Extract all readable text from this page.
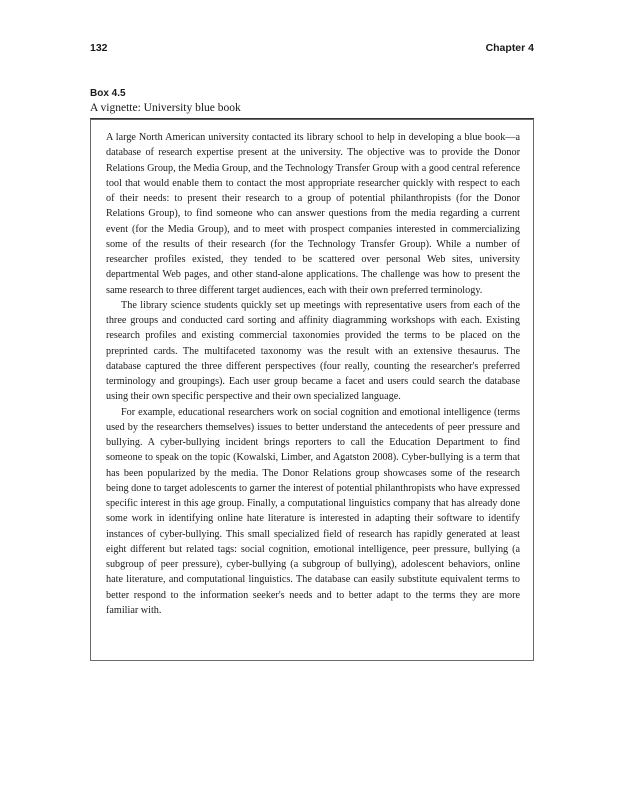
132	Chapter 4
Box 4.5
A vignette: University blue book

A large North American university contacted its library school to help in developing a blue book—a database of research expertise present at the university. The objective was to provide the Donor Relations Group, the Media Group, and the Technology Transfer Group with a good central reference tool that would enable them to contact the most appropriate researcher quickly with respect to each of their needs: to present their research to a group of potential philanthropists (for the Donor Relations Group), to find someone who can answer questions from the media regarding a current event (for the Media Group), and to meet with prospect companies interested in commercializing some of the results of their research (for the Technology Transfer Group). While a number of researcher profiles existed, they tended to be scattered over personal Web sites, university departmental Web pages, and other stand-alone applications. The challenge was how to present the same research to three different target audiences, each with their own preferred terminology.

The library science students quickly set up meetings with representative users from each of the three groups and conducted card sorting and affinity diagramming workshops with each. Existing research profiles and existing commercial taxonomies provided the terms to be placed on the preprinted cards. The multifaceted taxonomy was the result with an extensive thesaurus. The database captured the three different perspectives (four really, counting the researcher's preferred terminology and groupings). Each user group became a facet and users could search the database using their own specific perspective and their own specialized language.

For example, educational researchers work on social cognition and emotional intelligence (terms used by the researchers themselves) issues to better understand the antecedents of peer pressure and bullying. A cyber-bullying incident brings reporters to call the Education Department to find someone to speak on the topic (Kowalski, Limber, and Agatston 2008). Cyber-bullying is a term that has been popularized by the media. The Donor Relations group showcases some of the research being done to target adolescents to garner the interest of potential philanthropists who have expressed specific interest in this age group. Finally, a computational linguistics company that has already done some work in identifying online hate literature is interested in adapting their software to identify instances of cyber-bullying. This small specialized field of research has rapidly generated at least eight different but related tags: social cognition, emotional intelligence, peer pressure, bullying (a subgroup of peer pressure), cyber-bullying (a subgroup of bullying), adolescent behaviors, online hate literature, and computational linguistics. The database can easily substitute equivalent terms to better respond to the information seeker's needs and to better adapt to the terms they are more familiar with.
